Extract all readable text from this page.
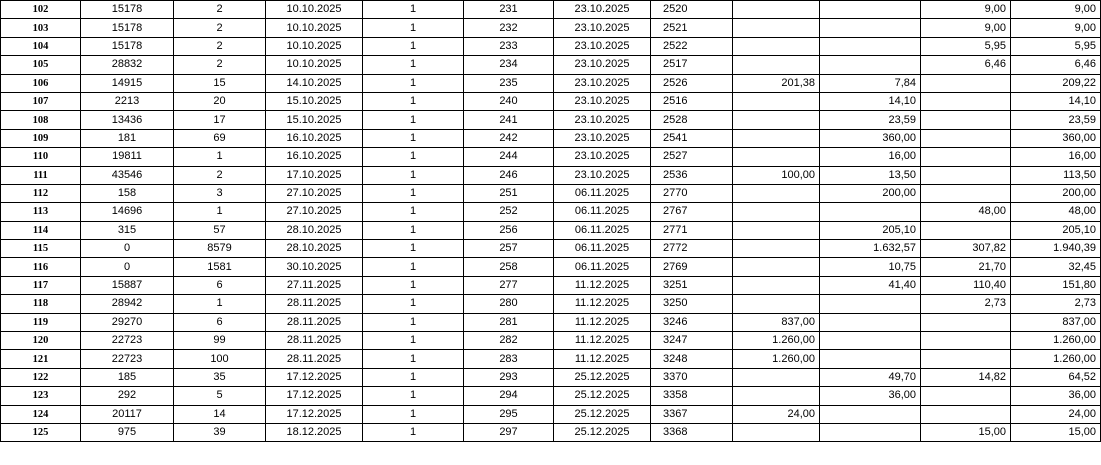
102	15178	2	10.10.2025	1	231	23.10.2025	2520			9,00	9,00
103	15178	2	10.10.2025	1	232	23.10.2025	2521			9,00	9,00
104	15178	2	10.10.2025	1	233	23.10.2025	2522			5,95	5,95
105	28832	2	10.10.2025	1	234	23.10.2025	2517			6,46	6,46
106	14915	15	14.10.2025	1	235	23.10.2025	2526	201,38	7,84		209,22
107	2213	20	15.10.2025	1	240	23.10.2025	2516		14,10		14,10
108	13436	17	15.10.2025	1	241	23.10.2025	2528		23,59		23,59
109	181	69	16.10.2025	1	242	23.10.2025	2541		360,00		360,00
110	19811	1	16.10.2025	1	244	23.10.2025	2527		16,00		16,00
111	43546	2	17.10.2025	1	246	23.10.2025	2536	100,00	13,50		113,50
112	158	3	27.10.2025	1	251	06.11.2025	2770		200,00		200,00
113	14696	1	27.10.2025	1	252	06.11.2025	2767			48,00	48,00
114	315	57	28.10.2025	1	256	06.11.2025	2771		205,10		205,10
115	0	8579	28.10.2025	1	257	06.11.2025	2772		1.632,57	307,82	1.940,39
116	0	1581	30.10.2025	1	258	06.11.2025	2769		10,75	21,70	32,45
117	15887	6	27.11.2025	1	277	11.12.2025	3251		41,40	110,40	151,80
118	28942	1	28.11.2025	1	280	11.12.2025	3250			2,73	2,73
119	29270	6	28.11.2025	1	281	11.12.2025	3246	837,00			837,00
120	22723	99	28.11.2025	1	282	11.12.2025	3247	1.260,00			1.260,00
121	22723	100	28.11.2025	1	283	11.12.2025	3248	1.260,00			1.260,00
122	185	35	17.12.2025	1	293	25.12.2025	3370		49,70	14,82	64,52
123	292	5	17.12.2025	1	294	25.12.2025	3358		36,00		36,00
124	20117	14	17.12.2025	1	295	25.12.2025	3367	24,00			24,00
125	975	39	18.12.2025	1	297	25.12.2025	3368			15,00	15,00
